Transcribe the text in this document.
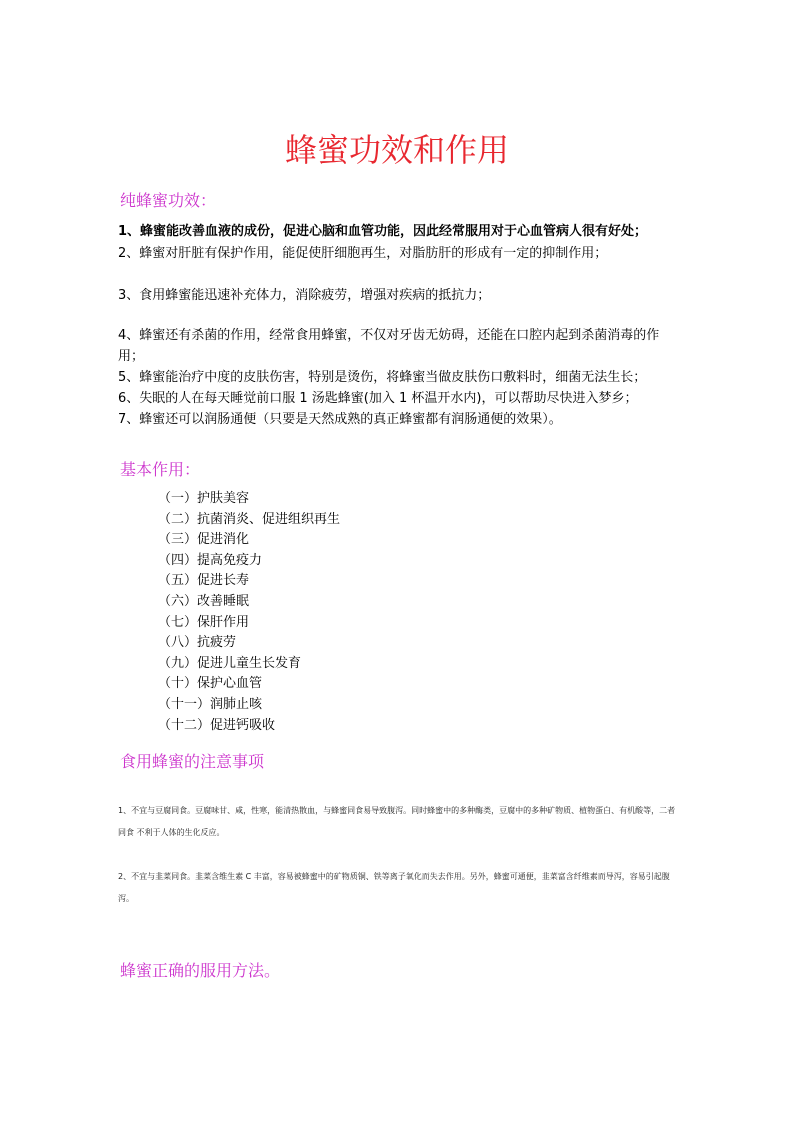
蜂蜜功效和作用
纯蜂蜜功效：

1、蜂蜜能改善血液的成份，促进心脑和血管功能，因此经常服用对于心血管病人很有好处；

2、蜂蜜对肝脏有保护作用，能促使肝细胞再生，对脂肪肝的形成有一定的抑制作用；

3、食用蜂蜜能迅速补充体力，消除疲劳，增强对疾病的抵抗力；

4、蜂蜜还有杀菌的作用，经常食用蜂蜜，不仅对牙齿无妨碍，还能在口腔内起到杀菌消毒的作用；

5、蜂蜜能治疗中度的皮肤伤害，特别是烫伤，将蜂蜜当做皮肤伤口敷料时，细菌无法生长；

6、失眠的人在每天睡觉前口服 1 汤匙蜂蜜(加入 1 杯温开水内)，可以帮助尽快进入梦乡；

7、蜂蜜还可以润肠通便（只要是天然成熟的真正蜂蜜都有润肠通便的效果）。

基本作用：
（一）护肤美容
（二）抗菌消炎、促进组织再生
（三）促进消化
（四）提高免疫力
（五）促进长寿
（六）改善睡眠
（七）保肝作用
（八）抗疲劳
（九）促进儿童生长发育
（十）保护心血管
（十一）润肺止咳
（十二）促进钙吸收
食用蜂蜜的注意事项

1、不宜与豆腐同食。豆腐味甘、咸，性寒，能清热散血，与蜂蜜同食易导致腹泻。同时蜂蜜中的多种酶类，豆腐中的多种矿物质、植物蛋白、有机酸等，二者同食 不利于人体的生化反应。

2、不宜与韭菜同食。韭菜含维生素 C 丰富，容易被蜂蜜中的矿物质铜、铁等离子氧化而失去作用。另外，蜂蜜可通便，韭菜富含纤维素而导泻，容易引起腹泻。

蜂蜜正确的服用方法。
